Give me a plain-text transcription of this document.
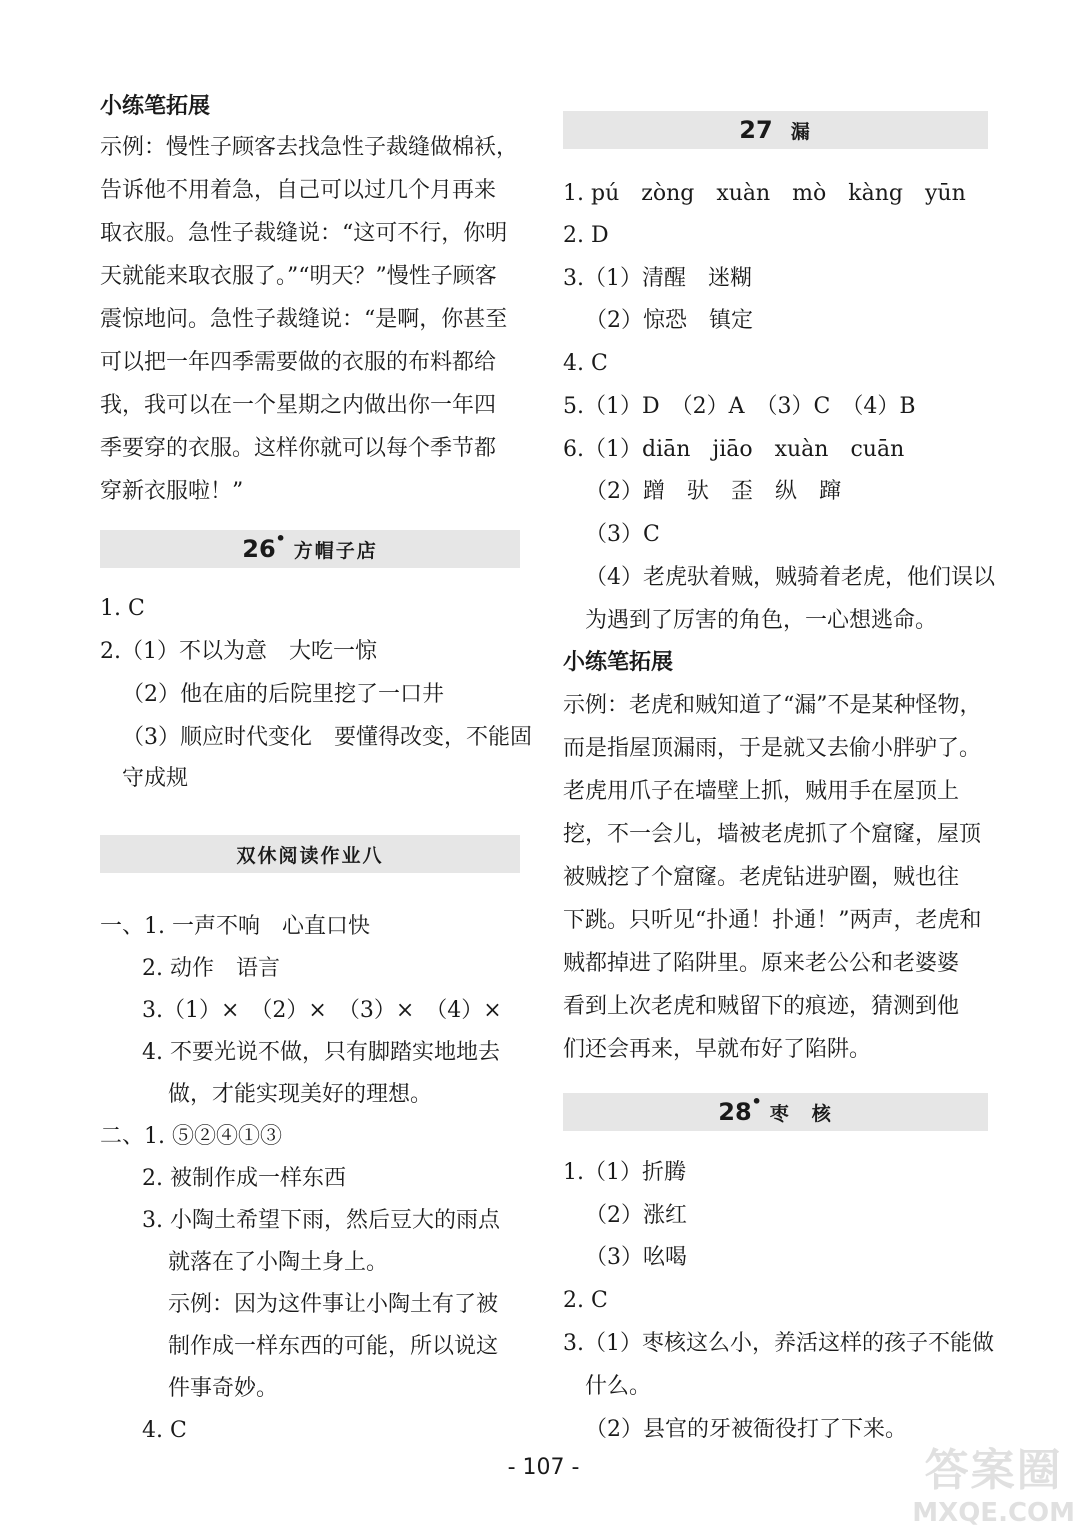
小练笔拓展
示例：慢性子顾客去找急性子裁缝做棉袄，
告诉他不用着急，自己可以过几个月再来
取衣服。急性子裁缝说：“这可不行，你明
天就能来取衣服了。”“明天？”慢性子顾客
震惊地问。急性子裁缝说：“是啊，你甚至
可以把一年四季需要做的衣服的布料都给
我，我可以在一个星期之内做出你一年四
季要穿的衣服。这样你就可以每个季节都
穿新衣服啦！”
26 •
方帽子店
1. C
2.（1）不以为意　大吃一惊
（2）他在庙的后院里挖了一口井
（3）顺应时代变化　要懂得改变，不能固
守成规
双休阅读作业八
一、1. 一声不响　心直口快
2. 动作　语言
3.（1）×　（2）×　（3）×　（4）×
4. 不要光说不做，只有脚踏实地地去
做，才能实现美好的理想。
二、1. ⑤②④①③
2. 被制作成一样东西
3. 小陶土希望下雨，然后豆大的雨点
就落在了小陶土身上。
示例：因为这件事让小陶土有了被
制作成一样东西的可能，所以说这
件事奇妙。
4. C
27 漏
1. pú　zòng　xuàn　mò　kàng　yūn
2. D
3.（1）清醒　迷糊
（2）惊恐　镇定
4. C
5.（1）D　（2）A　（3）C　（4）B
6.（1）diān　jiāo　xuàn　cuān
（2）蹭　驮　歪　纵　蹿
（3）C
（4）老虎驮着贼，贼骑着老虎，他们误以
为遇到了厉害的角色，一心想逃命。
小练笔拓展
示例：老虎和贼知道了“漏”不是某种怪物，
而是指屋顶漏雨，于是就又去偷小胖驴了。
老虎用爪子在墙壁上抓，贼用手在屋顶上
挖，不一会儿，墙被老虎抓了个窟窿，屋顶
被贼挖了个窟窿。老虎钻进驴圈，贼也往
下跳。只听见“扑通！扑通！”两声，老虎和
贼都掉进了陷阱里。原来老公公和老婆婆
看到上次老虎和贼留下的痕迹，猜测到他
们还会再来，早就布好了陷阱。
28 •
枣　核
1.（1）折腾
（2）涨红
（3）吆喝
2. C
3.（1）枣核这么小，养活这样的孩子不能做
什么。
（2）县官的牙被衙役打了下来。
- 107 -	答案圈
MXQE.COM
